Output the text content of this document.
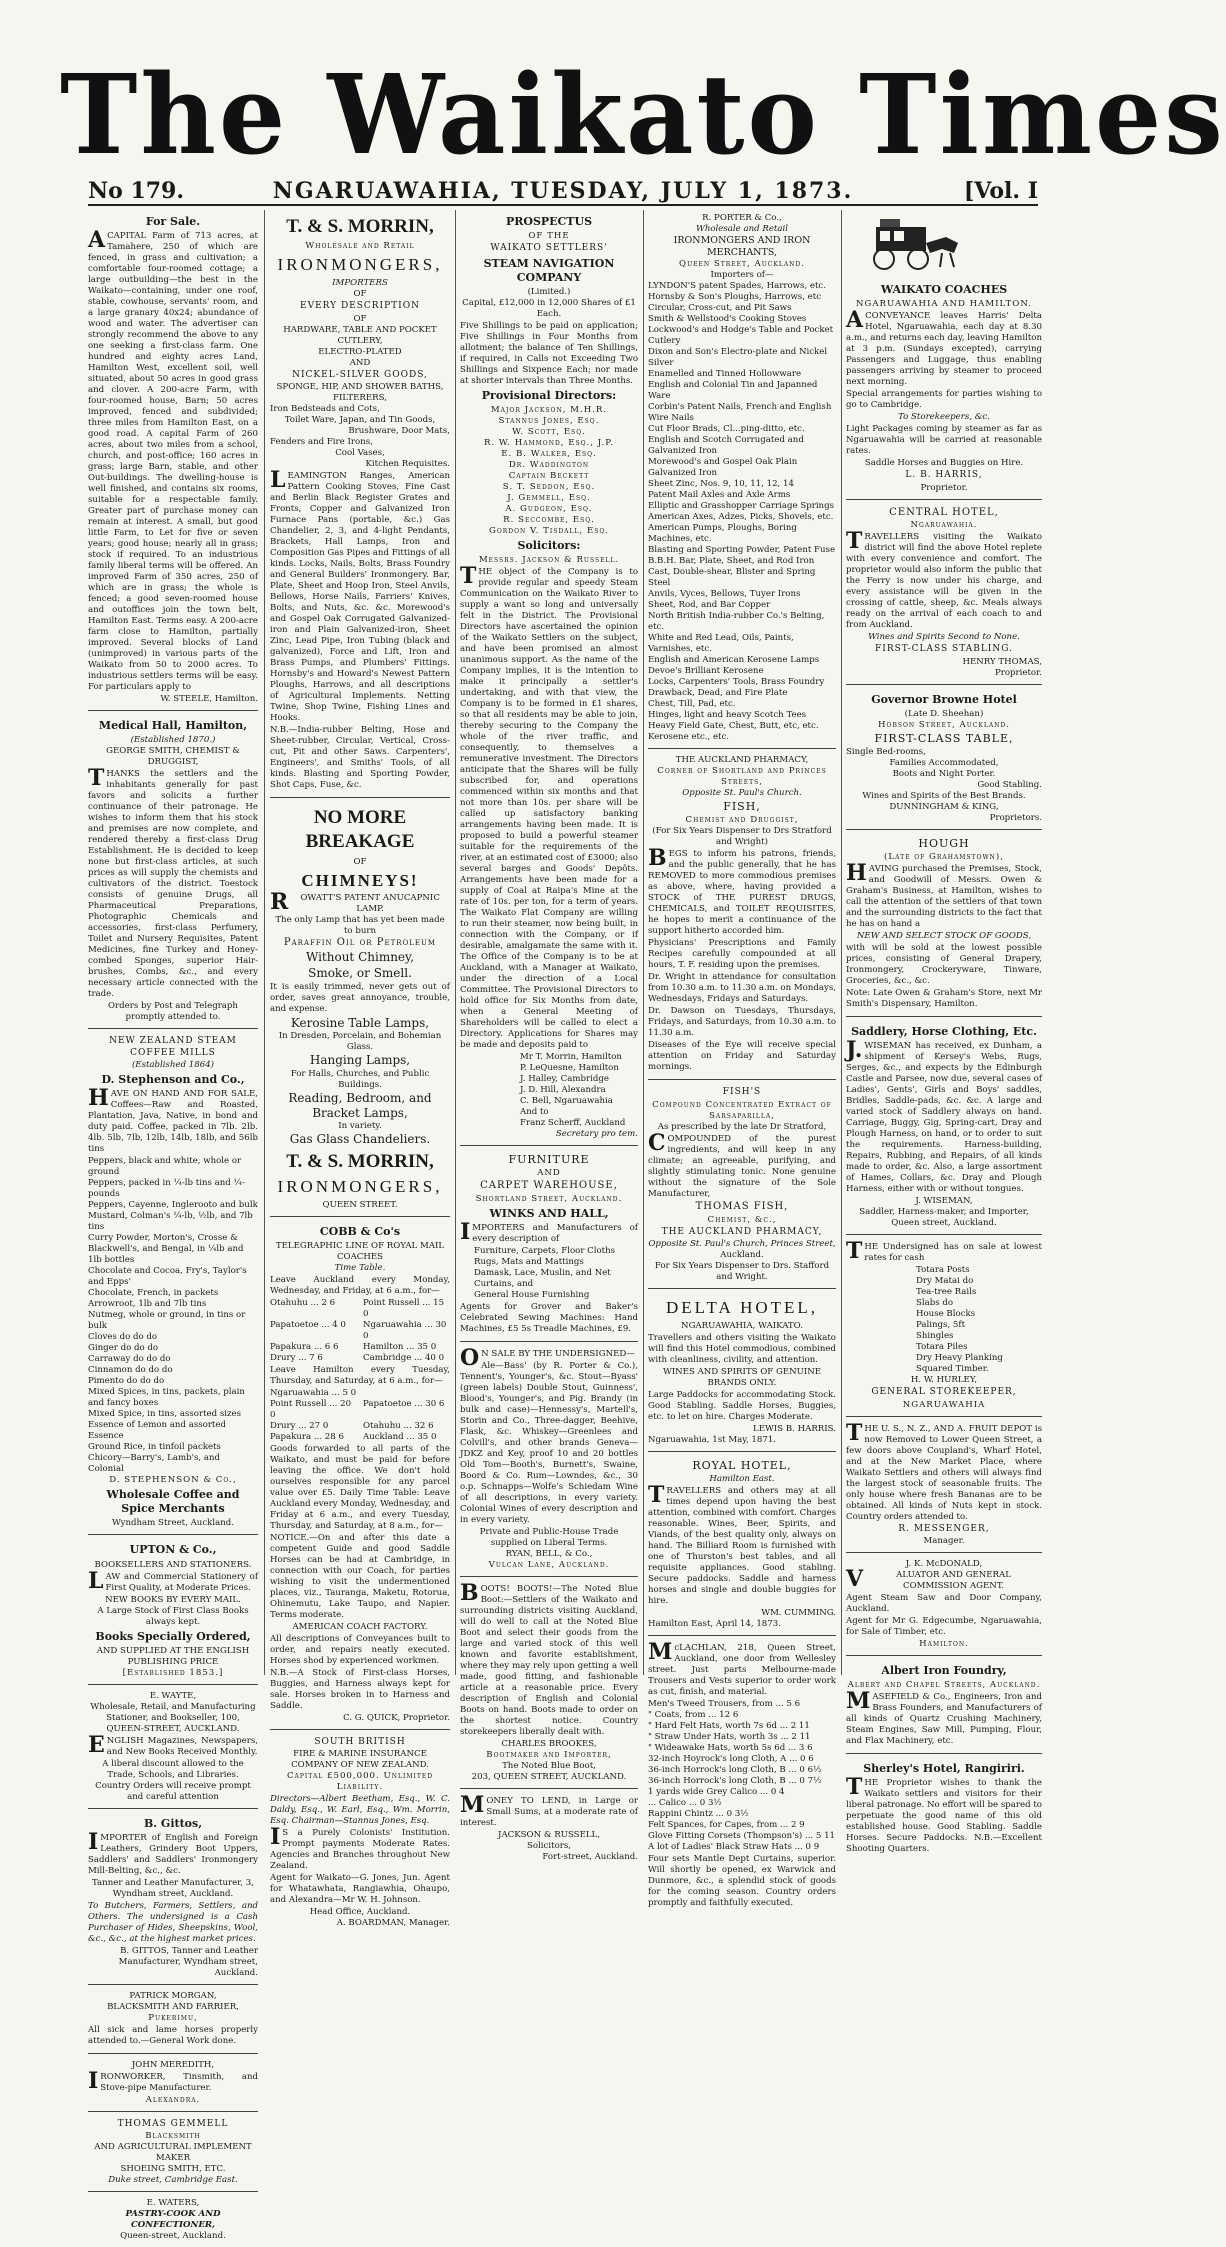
The Waikato Times
No 179.	NGARUAWAHIA, TUESDAY, JULY 1, 1873.	[Vol. I
For Sale.
ACAPITAL Farm of 713 acres, at Tamahere, 250 of which are fenced, in grass and cultivation; a comfortable four-roomed cottage; a large outbuilding—the best in the Waikato—containing, under one roof, stable, cowhouse, servants' room, and a large granary 40x24; abundance of wood and water. The advertiser can strongly recommend the above to any one seeking a first-class farm. One hundred and eighty acres Land, Hamilton West, excellent soil, well situated, about 50 acres in good grass and clover. A 200-acre Farm, with four-roomed house, Barn; 50 acres improved, fenced and subdivided; three miles from Hamilton East, on a good road. A capital Farm of 260 acres, about two miles from a school, church, and post-office; 160 acres in grass; large Barn, stable, and other Out-buildings. The dwelling-house is well finished, and contains six rooms, suitable for a respectable family. Greater part of purchase money can remain at interest. A small, but good little Farm, to Let for five or seven years; good house; nearly all in grass; stock if required. To an industrious family liberal terms will be offered. An improved Farm of 350 acres, 250 of which are in grass; the whole is fenced; a good seven-roomed house and outoffices join the town belt, Hamilton East. Terms easy. A 200-acre farm close to Hamilton, partially improved. Several blocks of Land (unimproved) in various parts of the Waikato from 50 to 2000 acres. To industrious settlers terms will be easy. For particulars apply to
W. STEELE, Hamilton.
Medical Hall, Hamilton,
(Established 1870.)
GEORGE SMITH, CHEMIST & DRUGGIST,
THANKS the settlers and the inhabitants generally for past favors and solicits a further continuance of their patronage. He wishes to inform them that his stock and premises are now complete, and rendered thereby a first-class Drug Establishment. He is decided to keep none but first-class articles, at such prices as will supply the chemists and cultivators of the district. Toestock consists of genuine Drugs, all Pharmaceutical Preparations, Photographic Chemicals and accessories, first-class Perfumery, Toilet and Nursery Requisites, Patent Medicines, fine Turkey and Honey-combed Sponges, superior Hair-brushes, Combs, &c., and every necessary article connected with the trade.
Orders by Post and Telegraph promptly attended to.
NEW ZEALAND STEAM COFFEE MILLS
(Established 1864)
D. Stephenson and Co.,
HAVE ON HAND AND FOR SALE, Coffees—Raw and Roasted, Plantation, Java, Native, in bond and duty paid. Coffee, packed in 7lb. 2lb. 4lb. 5lb, 7lb, 12lb, 14lb, 18lb, and 56lb tins
Peppers, black and white, whole or ground
Peppers, packed in ¼-lb tins and ¼-pounds
Peppers, Cayenne, Inglerooto and bulk
Mustard, Colman's ¼-lb, ½lb, and 7lb tins
Curry Powder, Morton's, Crosse & Blackwell's, and Bengal, in ¼lb and 1lb bottles
Chocolate and Cocoa, Fry's, Taylor's and Epps'
Chocolate, French, in packets
Arrowroot, 1lb and 7lb tins
Nutmeg, whole or ground, in tins or bulk
Cloves do do do
Ginger do do do
Carraway do do do
Cinnamon do do do
Pimento do do do
Mixed Spices, in tins, packets, plain and fancy boxes
Mixed Spice, in tins, assorted sizes
Essence of Lemon and assorted Essence
Ground Rice, in tinfoil packets
Chicory—Barry's, Lamb's, and Colonial
D. STEPHENSON & Co.,
Wholesale Coffee and Spice Merchants
Wyndham Street, Auckland.
UPTON & Co.,
BOOKSELLERS AND STATIONERS.
LAW and Commercial Stationery of First Quality, at Moderate Prices.
NEW BOOKS BY EVERY MAIL.
A Large Stock of First Class Books always kept.
Books Specially Ordered,
AND SUPPLIED AT THE ENGLISH PUBLISHING PRICE
[Established 1853.]
E. WAYTE,
Wholesale, Retail, and Manufacturing Stationer, and Bookseller, 100, QUEEN-STREET, AUCKLAND.
ENGLISH Magazines, Newspapers, and New Books Received Monthly.
A liberal discount allowed to the Trade, Schools, and Libraries.
Country Orders will receive prompt and careful attention
B. Gittos,
IMPORTER of English and Foreign Leathers, Grindery Boot Uppers, Saddlers' and Saddlers' Ironmongery Mill-Belting, &c., &c.
Tanner and Leather Manufacturer, 3, Wyndham street, Auckland.
To Butchers, Farmers, Settlers, and Others. The undersigned is a Cash Purchaser of Hides, Sheepskins, Wool, &c., &c., at the highest market prices.
B. GITTOS, Tanner and Leather Manufacturer, Wyndham street, Auckland.
PATRICK MORGAN,
BLACKSMITH AND FARRIER,
Pukerimu,
All sick and lame horses properly attended to.—General Work done.
JOHN MEREDITH,
IRONWORKER, Tinsmith, and Stove-pipe Manufacturer.
Alexandra.
THOMAS GEMMELL
Blacksmith
AND AGRICULTURAL IMPLEMENT MAKER
SHOEING SMITH, ETC.
Duke street, Cambridge East.
E. WATERS,
PASTRY-COOK AND CONFECTIONER,
Queen-street, Auckland.
T. & S. MORRIN,
Wholesale and Retail
IRONMONGERS,
IMPORTERS
OF
EVERY DESCRIPTION
OF
HARDWARE, TABLE AND POCKET CUTLERY,
ELECTRO-PLATED
AND
NICKEL-SILVER GOODS,
SPONGE, HIP, AND SHOWER BATHS, FILTERERS,
Iron Bedsteads and Cots,
Toilet Ware, Japan, and Tin Goods,
Brushware, Door Mats,
Fenders and Fire Irons,
Cool Vases,
Kitchen Requisites.
LEAMINGTON Ranges, American Pattern Cooking Stoves, Fine Cast and Berlin Black Register Grates and Fronts, Copper and Galvanized Iron Furnace Pans (portable, &c.) Gas Chandelier, 2, 3, and 4-light Pendants, Brackets, Hall Lamps, Iron and Composition Gas Pipes and Fittings of all kinds. Locks, Nails, Bolts, Brass Foundry and General Builders' Ironmongery. Bar, Plate, Sheet and Hoop Iron, Steel Anvils, Bellows, Horse Nails, Farriers' Knives, Bolts, and Nuts, &c. &c. Morewood's and Gospel Oak Corrugated Galvanized-iron and Plain Galvanized-iron, Sheet Zinc, Lead Pipe, Iron Tubing (black and galvanized), Force and Lift, Iron and Brass Pumps, and Plumbers' Fittings. Hornsby's and Howard's Newest Pattern Ploughs, Harrows, and all descriptions of Agricultural Implements. Netting Twine, Shop Twine, Fishing Lines and Hooks.
N.B.—India-rubber Belting, Hose and Sheet-rubber, Circular, Vertical, Cross-cut, Pit and other Saws. Carpenters', Engineers', and Smiths' Tools, of all kinds. Blasting and Sporting Powder, Shot Caps, Fuse, &c.
NO MORE BREAKAGE
OF
CHIMNEYS!
ROWATT'S PATENT ANUCAPNIC LAMP.
The only Lamp that has yet been made to burn
Paraffin Oil or Petroleum
Without Chimney,
Smoke, or Smell.
It is easily trimmed, never gets out of order, saves great annoyance, trouble, and expense.
Kerosine Table Lamps,
In Dresden, Porcelain, and Bohemian Glass.
Hanging Lamps,
For Halls, Churches, and Public Buildings.
Reading, Bedroom, and Bracket Lamps,
In variety.
Gas Glass Chandeliers.
T. & S. MORRIN,
IRONMONGERS,
QUEEN STREET.
COBB & Co's
TELEGRAPHIC LINE OF ROYAL MAIL COACHES
Time Table.
Leave Auckland every Monday, Wednesday, and Friday, at 6 a.m., for—
Otahuhu ... 2 6	Point Russell ... 15 0
Papatoetoe ... 4 0	Ngaruawahia ... 30 0
Papakura ... 6 6	Hamilton ... 35 0
Drury ... 7 6	Cambridge ... 40 0
Leave Hamilton every Tuesday, Thursday, and Saturday, at 6 a.m., for—
Ngaruawahia ... 5 0
Point Russell ... 20 0
Papatoetoe ... 30 6
Drury ... 27 0	Otahuhu ... 32 6
Papakura ... 28 6	Auckland ... 35 0
Goods forwarded to all parts of the Waikato, and must be paid for before leaving the office. We don't hold ourselves responsible for any parcel value over £5. Daily Time Table: Leave Auckland every Monday, Wednesday, and Friday at 6 a.m., and every Tuesday, Thursday, and Saturday, at 8 a.m., for—
NOTICE.—On and after this date a competent Guide and good Saddle Horses can be had at Cambridge, in connection with our Coach, for parties wishing to visit the undermentioned places, viz., Tauranga, Maketu, Rotorua, Ohinemutu, Lake Taupo, and Napier. Terms moderate.
AMERICAN COACH FACTORY.
All descriptions of Conveyances built to order, and repairs neatly executed. Horses shod by experienced workmen.
N.B.—A Stock of First-class Horses, Buggies, and Harness always kept for sale. Horses broken in to Harness and Saddle.
C. G. QUICK, Proprietor.
SOUTH BRITISH
FIRE & MARINE INSURANCE COMPANY OF NEW ZEALAND.
Capital £500,000. Unlimited Liability.
Directors—Albert Beetham, Esq., W. C. Daldy, Esq., W. Earl, Esq., Wm. Morrin, Esq. Chairman—Stannus Jones, Esq.
IS a Purely Colonists' Institution. Prompt payments Moderate Rates. Agencies and Branches throughout New Zealand.
Agent for Waikato—G. Jones, Jun. Agent for Whatawhata, Rangiawhia, Ohaupo, and Alexandra—Mr W. H. Johnson.
Head Office, Auckland.
A. BOARDMAN, Manager.
PROSPECTUS
OF THE
WAIKATO SETTLERS'
STEAM NAVIGATION COMPANY
(Limited.)
Capital, £12,000 in 12,000 Shares of £1 Each.
Five Shillings to be paid on application; Five Shillings in Four Months from allotment; the balance of Ten Shillings, if required, in Calls not Exceeding Two Shillings and Sixpence Each; nor made at shorter intervals than Three Months.
Provisional Directors:
Major Jackson, M.H.R.
Stannus Jones, Esq.
W. Scott, Esq.
R. W. Hammond, Esq., J.P.
E. B. Walker, Esq.
Dr. Waddington
Captain Beckett
S. T. Seddon, Esq.
J. Gemmell, Esq.
A. Gudgeon, Esq.
R. Seccombe, Esq.
Gordon V. Tisdall, Esq.
Solicitors:
Messrs. Jackson & Russell.
THE object of the Company is to provide regular and speedy Steam Communication on the Waikato River to supply a want so long and universally felt in the District. The Provisional Directors have ascertained the opinion of the Waikato Settlers on the subject, and have been promised an almost unanimous support. As the name of the Company implies, it is the intention to make it principally a settler's undertaking, and with that view, the Company is to be formed in £1 shares, so that all residents may be able to join, thereby securing to the Company the whole of the river traffic, and consequently, to themselves a remunerative investment. The Directors anticipate that the Shares will be fully subscribed for, and operations commenced within six months and that not more than 10s. per share will be called up satisfactory banking arrangements having been made. It is proposed to build a powerful steamer suitable for the requirements of the river, at an estimated cost of £3000; also several barges and Goods' Depôts. Arrangements have been made for a supply of Coal at Raipa's Mine at the rate of 10s. per ton, for a term of years. The Waikato Flat Company are willing to run their steamer, now being built, in connection with the Company, or if desirable, amalgamate the same with it. The Office of the Company is to be at Auckland, with a Manager at Waikato, under the direction of a Local Committee. The Provisional Directors to hold office for Six Months from date, when a General Meeting of Shareholders will be called to elect a Directory. Applications for Shares may be made and deposits paid to
Mr T. Morrin, Hamilton
P. LeQuesne, Hamilton
J. Halley, Cambridge
J. D. Hill, Alexandra
C. Bell, Ngaruawahia
And to
Franz Scherff, Auckland
Secretary pro tem.
FURNITURE
AND
CARPET WAREHOUSE,
Shortland Street, Auckland.
WINKS AND HALL,
IMPORTERS and Manufacturers of every description of
Furniture, Carpets, Floor Cloths
Rugs, Mats and Mattings
Damask, Lace, Muslin, and Net Curtains, and
General House Furnishing
Agents for Grover and Baker's Celebrated Sewing Machines: Hand Machines, £5 5s Treadle Machines, £9.
ON SALE BY THE UNDERSIGNED—
Ale—Bass' (by R. Porter & Co.), Tennent's, Younger's, &c. Stout—Byass' (green labels) Double Stout, Guinness', Blood's, Younger's, and Pig. Brandy (in bulk and case)—Hennessy's, Martell's, Storin and Co., Three-dagger, Beehive, Flask, &c. Whiskey—Greenlees and Colvill's, and other brands Geneva—JDKZ and Key, proof 10 and 20 bottles Old Tom—Booth's, Burnett's, Swaine, Boord & Co. Rum—Lowndes, &c., 30 o.p. Schnapps—Wolfe's Schiedam Wine of all descriptions, in every variety. Colonial Wines of every description and in every variety.
Private and Public-House Trade supplied on Liberal Terms.
RYAN, BELL, & Co.,
Vulcan Lane, Auckland.
BOOTS! BOOTS!—The Noted Blue Boot:—Settlers of the Waikato and surrounding districts visiting Auckland, will do well to call at the Noted Blue Boot and select their goods from the large and varied stock of this well known and favorite establishment, where they may rely upon getting a well made, good fitting, and fashionable article at a reasonable price. Every description of English and Colonial Boots on hand. Boots made to order on the shortest notice. Country storekeepers liberally dealt with.
CHARLES BROOKES,
Bootmaker and Importer,
The Noted Blue Boot,
203, QUEEN STREET, AUCKLAND.
MONEY TO LEND, in Large or Small Sums, at a moderate rate of interest.
JACKSON & RUSSELL,
Solicitors,
Fort-street, Auckland.
R. PORTER & Co.,
Wholesale and Retail
IRONMONGERS AND IRON MERCHANTS,
Queen Street, Auckland.
Importers of—
LYNDON'S patent Spades, Harrows, etc.
Hornsby & Son's Ploughs, Harrows, etc
Circular, Cross-cut, and Pit Saws
Smith & Wellstood's Cooking Stoves
Lockwood's and Hodge's Table and Pocket Cutlery
Dixon and Son's Electro-plate and Nickel Silver
Enamelled and Tinned Hollowware
English and Colonial Tin and Japanned Ware
Corbin's Patent Nails, French and English Wire Nails
Cut Floor Brads, Cl...ping-ditto, etc.
English and Scotch Corrugated and Galvanized Iron
Morewood's and Gospel Oak Plain Galvanized Iron
Sheet Zinc, Nos. 9, 10, 11, 12, 14
Patent Mail Axles and Axle Arms
Elliptic and Grasshopper Carriage Springs
American Axes, Adzes, Picks, Shovels, etc.
American Pumps, Ploughs, Boring Machines, etc.
Blasting and Sporting Powder, Patent Fuse
B.B.H. Bar, Plate, Sheet, and Rod Iron
Cast, Double-shear, Blister and Spring Steel
Anvils, Vyces, Bellows, Tuyer Irons
Sheet, Rod, and Bar Copper
North British India-rubber Co.'s Belting, etc.
White and Red Lead, Oils, Paints, Varnishes, etc.
English and American Kerosene Lamps
Devoe's Brilliant Kerosene
Locks, Carpenters' Tools, Brass Foundry
Drawback, Dead, and Fire Plate
Chest, Till, Pad, etc.
Hinges, light and heavy Scotch Tees
Heavy Field Gate, Chest, Butt, etc, etc.
Kerosene etc., etc.
THE AUCKLAND PHARMACY,
Corner of Shortland and Princes Streets,
Opposite St. Paul's Church.
FISH,
Chemist and Druggist,
(For Six Years Dispenser to Drs Stratford and Wright)
BEGS to inform his patrons, friends, and the public generally, that he has REMOVED to more commodious premises as above, where, having provided a STOCK of THE PUREST DRUGS, CHEMICALS, and TOILET REQUISITES, he hopes to merit a continuance of the support hitherto accorded him.
Physicians' Prescriptions and Family Recipes carefully compounded at all hours, T. F. residing upon the premises.
Dr. Wright in attendance for consultation from 10.30 a.m. to 11.30 a.m. on Mondays, Wednesdays, Fridays and Saturdays.
Dr. Dawson on Tuesdays, Thursdays, Fridays, and Saturdays, from 10.30 a.m. to 11.30 a.m.
Diseases of the Eye will receive special attention on Friday and Saturday mornings.
FISH'S
Compound Concentrated Extract of Sarsaparilla,
As prescribed by the late Dr Stratford,
COMPOUNDED of the purest ingredients, and will keep in any climate; an agreeable, purifying, and slightly stimulating tonic. None genuine without the signature of the Sole Manufacturer,
THOMAS FISH,
Chemist, &c.,
THE AUCKLAND PHARMACY,
Opposite St. Paul's Church, Princes Street,
Auckland.
For Six Years Dispenser to Drs. Stafford and Wright.
DELTA HOTEL,
NGARUAWAHIA, WAIKATO.
Travellers and others visiting the Waikato will find this Hotel commodious, combined with cleanliness, civility, and attention.
WINES AND SPIRITS OF GENUINE BRANDS ONLY.
Large Paddocks for accommodating Stock. Good Stabling. Saddle Horses, Buggies, etc. to let on hire. Charges Moderate.
LEWIS B. HARRIS.
Ngaruawahia, 1st May, 1871.
ROYAL HOTEL,
Hamilton East.
TRAVELLERS and others may at all times depend upon having the best attention, combined with comfort. Charges reasonable. Wines, Beer, Spirits, and Viands, of the best quality only, always on hand. The Billiard Room is furnished with one of Thurston's best tables, and all requisite appliances. Good stabling. Secure paddocks. Saddle and harness horses and single and double buggies for hire.
WM. CUMMING.
Hamilton East, April 14, 1873.
McLACHLAN, 218, Queen Street, Auckland, one door from Wellesley street. Just parts Melbourne-made Trousers and Vests superior to order work as cut, finish, and material.
Men's Tweed Trousers, from ... 5 6
" Coats, from ... 12 6
" Hard Felt Hats, worth 7s 6d ... 2 11
" Straw Under Hats, worth 3s ... 2 11
" Wideawake Hats, worth 5s 6d ... 3 6
32-inch Hoyrock's long Cloth, A ... 0 6
36-inch Horrock's long Cloth, B ... 0 6½
36-inch Horrock's long Cloth, B ... 0 7½
1 yards wide Grey Calico ... 0 4
... Calico ... 0 3½
Rappini Chintz ... 0 3½
Felt Spances, for Capes, from ... 2 9
Glove Fitting Corsets (Thompson's) ... 5 11
A lot of Ladies' Black Straw Hats ... 0 9
Four sets Mantle Dept Curtains, superior. Will shortly be opened, ex Warwick and Dunmore, &c., a splendid stock of goods for the coming season. Country orders promptly and faithfully executed.
WAIKATO COACHES
NGARUAWAHIA AND HAMILTON.
ACONVEYANCE leaves Harris' Delta Hotel, Ngaruawahia, each day at 8.30 a.m., and returns each day, leaving Hamilton at 3 p.m. (Sundays excepted), carrying Passengers and Luggage, thus enabling passengers arriving by steamer to proceed next morning.
Special arrangements for parties wishing to go to Cambridge.
To Storekeepers, &c.
Light Packages coming by steamer as far as Ngaruawahia will be carried at reasonable rates.
Saddle Horses and Buggies on Hire.
L. B. HARRIS,
Proprietor.
CENTRAL HOTEL,
Ngaruawahia.
TRAVELLERS visiting the Waikato district will find the above Hotel replete with every convenience and comfort. The proprietor would also inform the public that the Ferry is now under his charge, and every assistance will be given in the crossing of cattle, sheep, &c. Meals always ready on the arrival of each coach to and from Auckland.
Wines and Spirits Second to None.
FIRST-CLASS STABLING.
HENRY THOMAS,
Proprietor.
Governor Browne Hotel
(Late D. Sheehan)
Hobson Street, Auckland.
FIRST-CLASS TABLE,
Single Bed-rooms,
Families Accommodated,
Boots and Night Porter.
Good Stabling.
Wines and Spirits of the Best Brands.
DUNNINGHAM & KING,
Proprietors.
HOUGH
(Late of Grahamstown),
HAVING purchased the Premises, Stock, and Goodwill of Messrs. Owen & Graham's Business, at Hamilton, wishes to call the attention of the settlers of that town and the surrounding districts to the fact that he has on hand a
NEW AND SELECT STOCK OF GOODS,
with will be sold at the lowest possible prices, consisting of General Drapery, Ironmongery, Crockeryware, Tinware, Groceries, &c., &c.
Note: Late Owen & Graham's Store, next Mr Smith's Dispensary, Hamilton.
Saddlery, Horse Clothing, Etc.
J.WISEMAN has received, ex Dunham, a shipment of Kersey's Webs, Rugs, Serges, &c., and expects by the Edinburgh Castle and Parsee, now due, several cases of Ladies', Gents', Girls and Boys' saddles, Bridles, Saddle-pads, &c. &c. A large and varied stock of Saddlery always on hand. Carriage, Buggy, Gig, Spring-cart, Dray and Plough Harness, on hand, or to order to suit the requirements. Harness-building, Repairs, Rubbing, and Repairs, of all kinds made to order, &c. Also, a large assortment of Hames, Collars, &c. Dray and Plough Harness, either with or without tongues.
J. WISEMAN,
Saddler, Harness-maker, and Importer,
Queen street, Auckland.
THE Undersigned has on sale at lowest rates for cash
Totara Posts
Dry Matai do
Tea-tree Rails
Slabs do
House Blocks
Palings, 5ft
Shingles
Totara Piles
Dry Heavy Planking
Squared Timber.
H. W. HURLEY,
GENERAL STOREKEEPER,
NGARUAWAHIA
THE U. S., N. Z., AND A. FRUIT DEPOT is now Removed to Lower Queen Street, a few doors above Coupland's, Wharf Hotel, and at the New Market Place, where Waikato Settlers and others will always find the largest stock of seasonable fruits. The only house where fresh Bananas are to be obtained. All kinds of Nuts kept in stock. Country orders attended to.
R. MESSENGER,
Manager.
J. K. McDONALD,
VALUATOR AND GENERAL COMMISSION AGENT.
Agent Steam Saw and Door Company, Auckland.
Agent for Mr G. Edgecumbe, Ngaruawahia, for Sale of Timber, etc.
Hamilton.
Albert Iron Foundry,
Albert and Chapel Streets, Auckland.
MASEFIELD & Co., Engineers, Iron and Brass Founders, and Manufacturers of all kinds of Quartz Crushing Machinery, Steam Engines, Saw Mill, Pumping, Flour, and Flax Machinery, etc.
Sherley's Hotel, Rangiriri.
THE Proprietor wishes to thank the Waikato settlers and visitors for their liberal patronage. No effort will be spared to perpetuate the good name of this old established house. Good Stabling. Saddle Horses. Secure Paddocks. N.B.—Excellent Shooting Quarters.
